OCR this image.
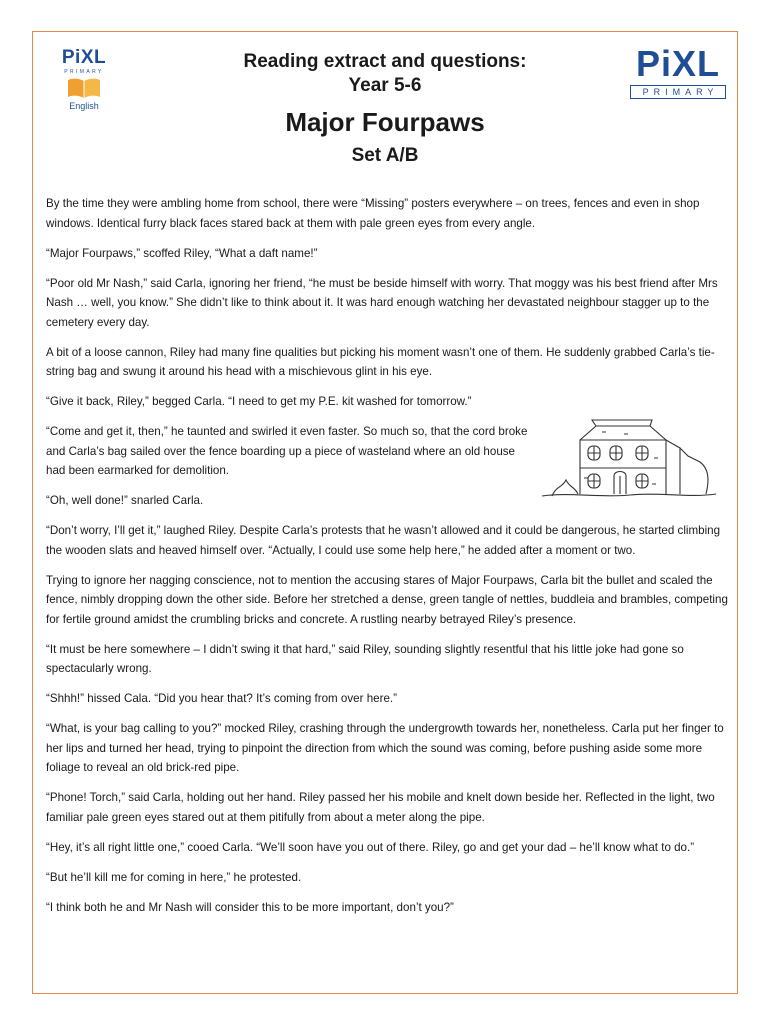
PiXL
PRIMARY
English
Reading extract and questions:
Year 5-6
Major Fourpaws
Set A/B
PiXL
PRIMARY

By the time they were ambling home from school, there were “Missing” posters everywhere – on trees, fences and even in shop windows. Identical furry black faces stared back at them with pale green eyes from every angle.

“Major Fourpaws,” scoffed Riley, “What a daft name!”

“Poor old Mr Nash,” said Carla, ignoring her friend, “he must be beside himself with worry. That moggy was his best friend after Mrs Nash … well, you know.” She didn’t like to think about it. It was hard enough watching her devastated neighbour stagger up to the cemetery every day.

A bit of a loose cannon, Riley had many fine qualities but picking his moment wasn’t one of them. He suddenly grabbed Carla’s tie-string bag and swung it around his head with a mischievous glint in his eye.

“Give it back, Riley,” begged Carla. “I need to get my P.E. kit washed for tomorrow.”

“Come and get it, then,” he taunted and swirled it even faster. So much so, that the cord broke and Carla’s bag sailed over the fence boarding up a piece of wasteland where an old house had been earmarked for demolition.

“Oh, well done!” snarled Carla.

“Don’t worry, I’ll get it,” laughed Riley. Despite Carla’s protests that he wasn’t allowed and it could be dangerous, he started climbing the wooden slats and heaved himself over. “Actually, I could use some help here,” he added after a moment or two.

Trying to ignore her nagging conscience, not to mention the accusing stares of Major Fourpaws, Carla bit the bullet and scaled the fence, nimbly dropping down the other side. Before her stretched a dense, green tangle of nettles, buddleia and brambles, competing for fertile ground amidst the crumbling bricks and concrete. A rustling nearby betrayed Riley’s presence.

“It must be here somewhere – I didn’t swing it that hard,” said Riley, sounding slightly resentful that his little joke had gone so spectacularly wrong.

“Shhh!” hissed Cala. “Did you hear that? It’s coming from over here.”

“What, is your bag calling to you?” mocked Riley, crashing through the undergrowth towards her, nonetheless. Carla put her finger to her lips and turned her head, trying to pinpoint the direction from which the sound was coming, before pushing aside some more foliage to reveal an old brick-red pipe.

“Phone! Torch,” said Carla, holding out her hand. Riley passed her his mobile and knelt down beside her. Reflected in the light, two familiar pale green eyes stared out at them pitifully from about a meter along the pipe.

“Hey, it’s all right little one,” cooed Carla. “We’ll soon have you out of there. Riley, go and get your dad – he’ll know what to do.”

“But he’ll kill me for coming in here,” he protested.

“I think both he and Mr Nash will consider this to be more important, don’t you?”
